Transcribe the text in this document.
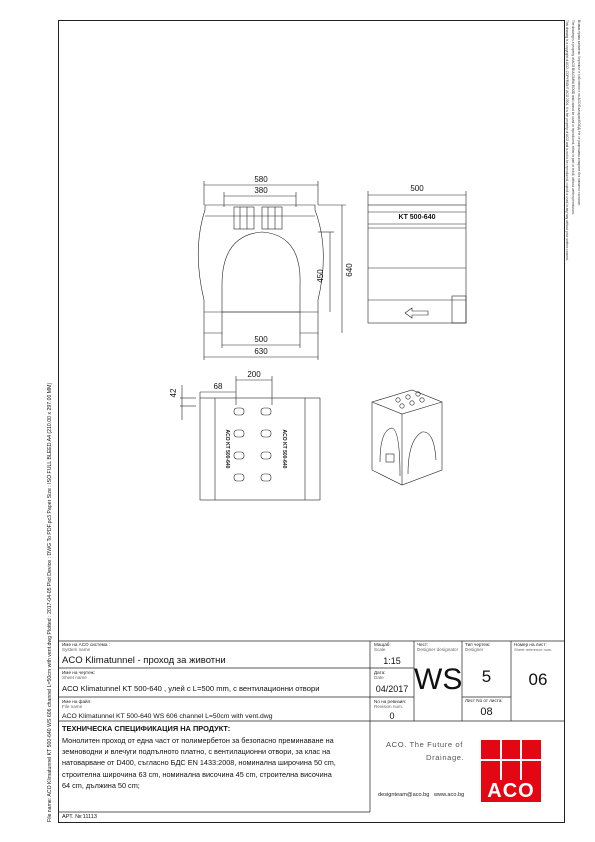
File name: ACO Klimatunnel KT 500-640 WS 606 channel L=50cm with vent.dwg Plotted : 2017-04-05 Plot Device : DWG To PDF.pc3 Paper Size : ISO FULL BLEED A4 (210.00 x 297.00 MM)
This drawing is a copyright of ACO. COPYRIGHT ACO 2004. It is the property of ACO and is not to be reproduced, copied or used in any way without prior written consent. The drawing is a property of ACO BULGARIA EOOD and cannot be used or reproduced, either in part or in full, without written permission. Всички права запазени. Чертежът е собственост на ACO България ЕООД. Не се разрешава копиране без писмено съгласие.
580
380
500
630
450	640
500
KT 500-640
200
68
42
ACO KT 500-640	ACO KT 500-640
Име на ACO система :
System name
ACO Klimatunnel - проход за животни
Мащаб:
Scale
1:15
Чест:
Designer designator
WS
Тип чертеж:
Designer
5
Номер на лист:
Sheet reference num.
06
Име на чертеж:
Sheet name
ACO Klimatunnel KT 500-640 , улей с L=500 mm, с вентилационни отвори
Дата:
Date
04/2017
Лист No от листа:
08
Име на файл:
File name
ACO Klimatunnel KT 500-640 WS 606 channel L=50cm with vent.dwg
No на ревизия:
Revision num.
0
ТЕХНИЧЕСКА СПЕЦИФИКАЦИЯ НА ПРОДУКТ:
Монолитен проход от една част от полимербетон за безопасно преминаване на
земноводни и влечуги подпълното платно, с вентилационни отвори, за клас на
натоварване от D400, съгласно БДС EN 1433:2008, номинална широчина 50 cm,
строителна широчина 63 cm, номинална височина 45 cm, строителна височина
64 cm, дължина 50 cm;
АРТ. №:11113
ACO. The Future of
Drainage.
designteam@aco.bg   www.aco.bg	ACO
